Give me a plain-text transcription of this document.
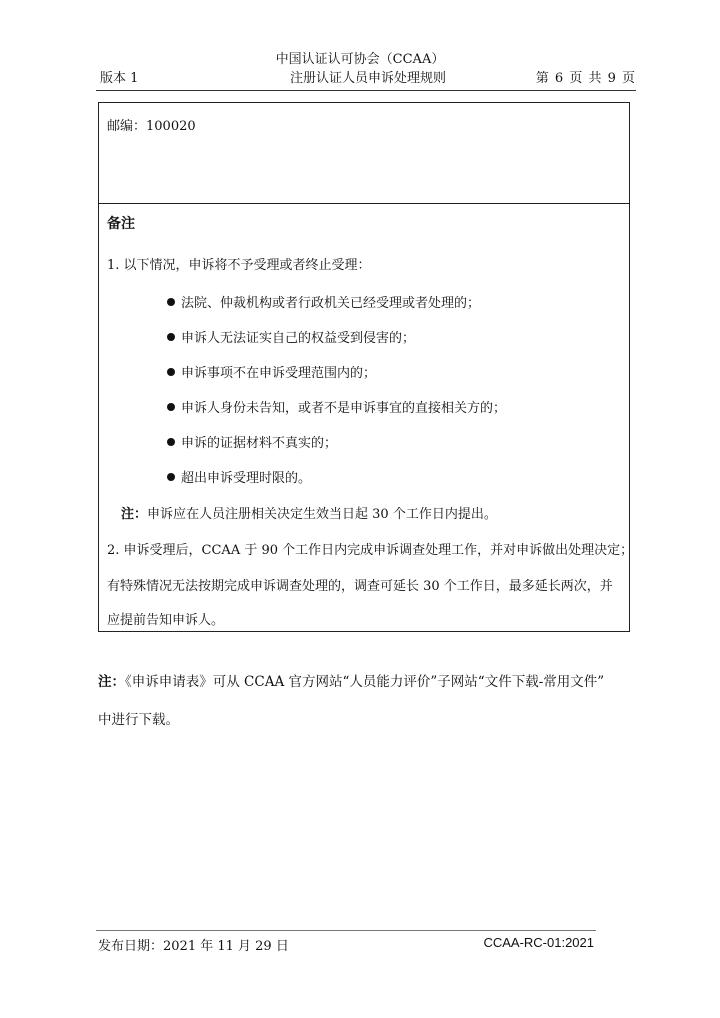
中国认证认可协会（CCAA）
注册认证人员申诉处理规则
版本 1	第 6 页 共 9 页
邮编：100020
备注
1. 以下情况，申诉将不予受理或者终止受理：
法院、仲裁机构或者行政机关已经受理或者处理的；
申诉人无法证实自己的权益受到侵害的；
申诉事项不在申诉受理范围内的；
申诉人身份未告知，或者不是申诉事宜的直接相关方的；
申诉的证据材料不真实的；
超出申诉受理时限的。
注：申诉应在人员注册相关决定生效当日起 30 个工作日内提出。
2. 申诉受理后，CCAA 于 90 个工作日内完成申诉调查处理工作，并对申诉做出处理决定；
有特殊情况无法按期完成申诉调查处理的，调查可延长 30 个工作日，最多延长两次，并
应提前告知申诉人。
注：《申诉申请表》可从 CCAA 官方网站“人员能力评价”子网站“文件下载-常用文件”
中进行下载。
发布日期：2021 年 11 月 29 日	CCAA-RC-01:2021
